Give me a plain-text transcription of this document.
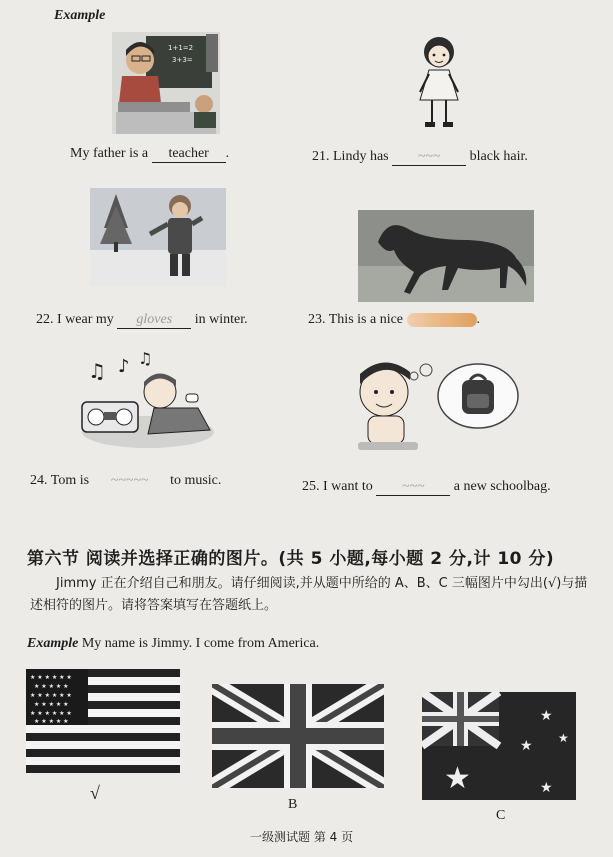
Example
1+1=2
3+3=
My father is a teacher .	21. Lindy has ~~~ black hair.
22. I wear my gloves in winter.	23. This is a nice	.
♫ ♪ ♫
24. Tom is ~~~~~ to music.	25. I want to ~~~ a new schoolbag.
第六节 阅读并选择正确的图片。(共 5 小题,每小题 2 分,计 10 分)
Jimmy 正在介绍自己和朋友。请仔细阅读,并从题中所给的 A、B、C 三幅图片中勾出(√)与描述相符的图片。请将答案填写在答题纸上。
Example My name is Jimmy. I come from America.
★ ★ ★ ★ ★ ★
★ ★ ★ ★ ★
★ ★ ★ ★ ★ ★
★ ★ ★ ★ ★
★ ★ ★ ★ ★ ★
★ ★ ★ ★ ★
√
B
★
★
★ ★
★
C
一级测试题 第 4 页
